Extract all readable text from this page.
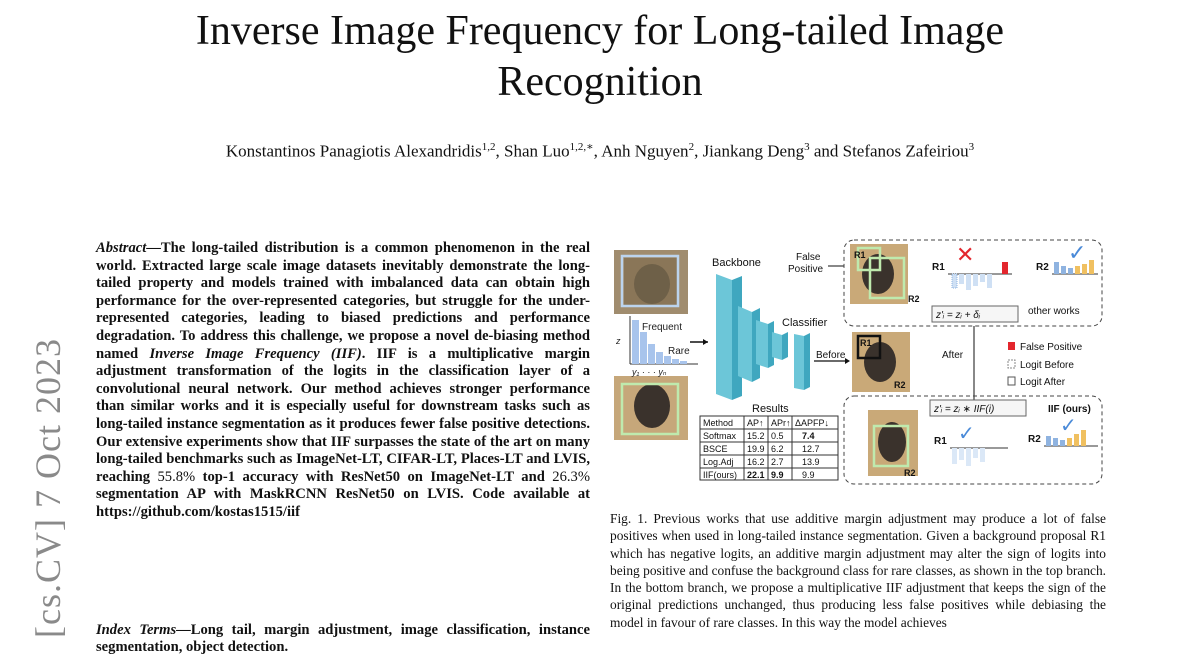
Inverse Image Frequency for Long-tailed Image
Recognition
Konstantinos Panagiotis Alexandridis$^{1,2}$, Shan Luo$^{1,2,∗}$, Anh Nguyen$^2$, Jiankang Deng$^3$ and Stefanos Zafeiriou$^3$
[cs.CV] 7 Oct 2023
Abstract—The long-tailed distribution is a common phenomenon in the real world. Extracted large scale image datasets inevitably demonstrate the long-tailed property and models trained with imbalanced data can obtain high performance for the over-represented categories, but struggle for the under-represented categories, leading to biased predictions and performance degradation. To address this challenge, we propose a novel de-biasing method named Inverse Image Frequency (IIF). IIF is a multiplicative margin adjustment transformation of the logits in the classification layer of a convolutional neural network. Our method achieves stronger performance than similar works and it is especially useful for downstream tasks such as long-tailed instance segmentation as it produces fewer false positive detections. Our extensive experiments show that IIF surpasses the state of the art on many long-tailed benchmarks such as ImageNet-LT, CIFAR-LT, Places-LT and LVIS, reaching 55.8% top-1 accuracy with ResNet50 on ImageNet-LT and 26.3% segmentation AP with MaskRCNN ResNet50 on LVIS. Code available at https://github.com/kostas1515/iif
Index Terms—Long tail, margin adjustment, image classification, instance segmentation, object detection.
Frequent
Rare
z
y₁ · · · yₙ
Backbone
Classifier
Before
False
Positive
R1
R2
After
False Positive
Logit Before
Logit After
R1
R2
R1
✕
R2
✓
z'ᵢ = zᵢ + δᵢ	other works
R2
z'ᵢ = zᵢ ∗ IIF(i)	IIF (ours)
R1 ✓	R2
✓
Results
Method AP↑ APr↑ ΔAPFP↓
Softmax 15.2 0.5 7.4
BSCE 19.9 6.2 12.7
Log.Adj 16.2 2.7 13.9
IIF(ours) 22.1 9.9 9.9
Fig. 1. Previous works that use additive margin adjustment may produce a lot of false positives when used in long-tailed instance segmentation. Given a background proposal R1 which has negative logits, an additive margin adjustment may alter the sign of logits into being positive and confuse the background class for rare classes, as shown in the top branch. In the bottom branch, we propose a multiplicative IIF adjustment that keeps the sign of the original predictions unchanged, thus producing less false positives while debiasing the model in favour of rare classes. In this way the model achieves
